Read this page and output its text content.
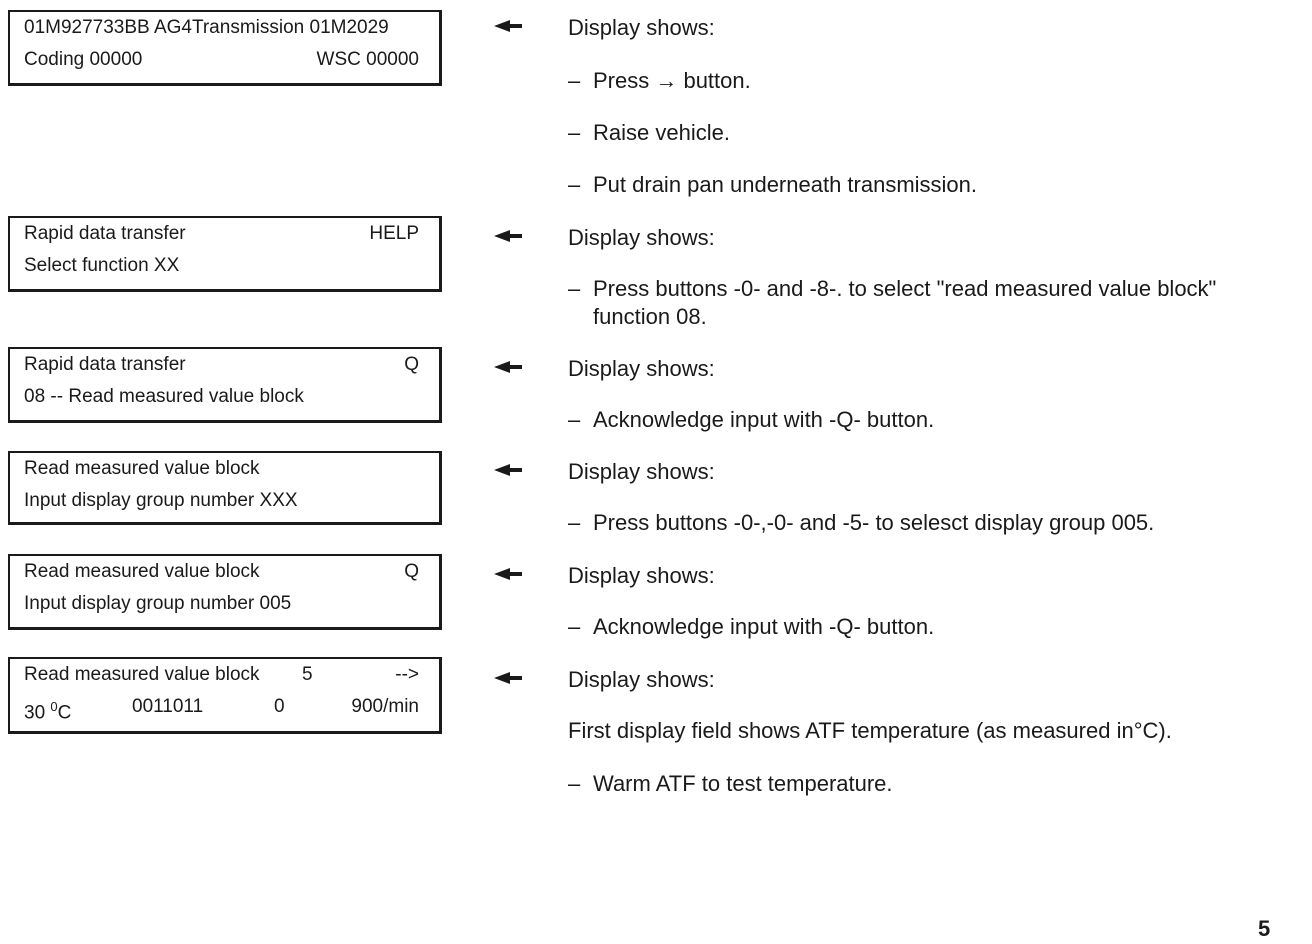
01M927733BB AG4Transmission 01M2029
Coding 00000	WSC 00000
Rapid data transfer	HELP
Select function XX
Rapid data transfer	Q
08 -- Read measured value block
Read measured value block
Input display group number XXX
Read measured value block	Q
Input display group number 005
Read measured value block 5	-->
30 $^0$C	0011011	0	900/min
Display shows:
– Press → button.
– Raise vehicle.
– Put drain pan underneath transmission.
Display shows:
– Press buttons -0- and -8-. to select "read measured value block"
function 08.
Display shows:
– Acknowledge input with -Q- button.
Display shows:
– Press buttons -0-,-0- and -5- to selesct display group 005.
Display shows:
– Acknowledge input with -Q- button.
Display shows:
First display field shows ATF temperature (as measured in°C).
– Warm ATF to test temperature.
5
